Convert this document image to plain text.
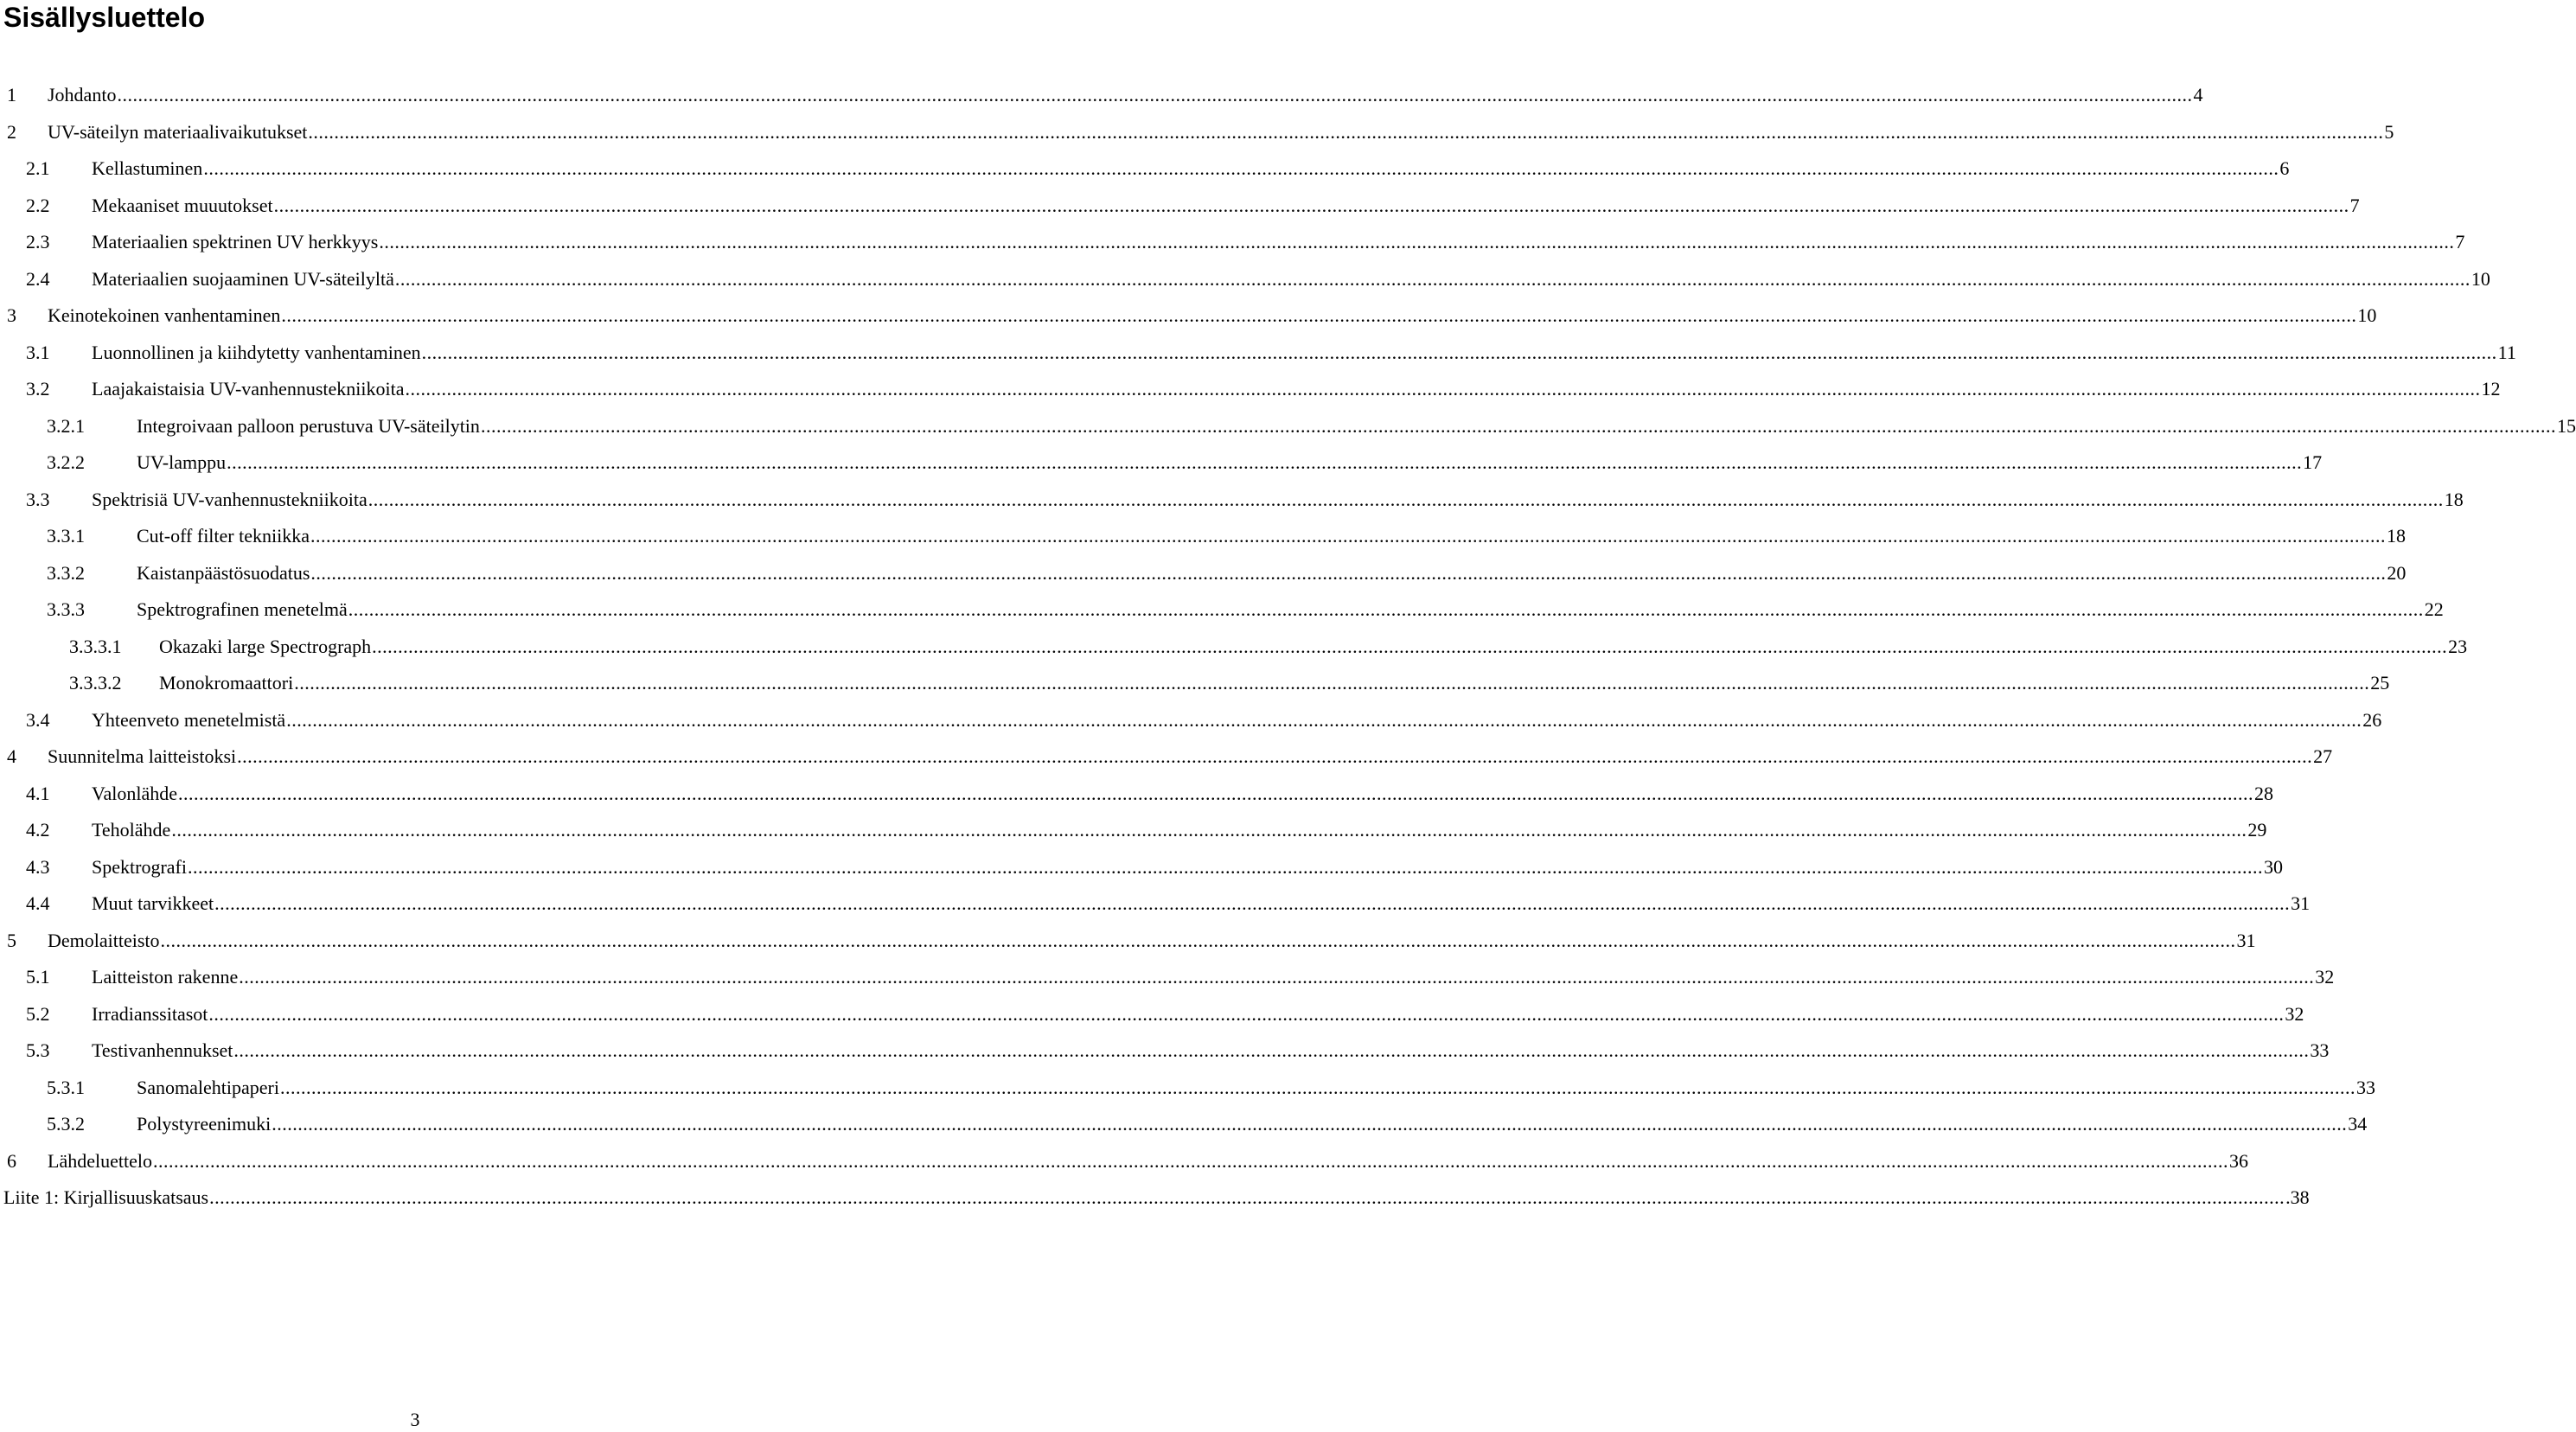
Sisällysluettelo
1	Johdanto ................................................................................................................................................................................................................................................................................................................................................................................................................ 4
2	UV-säteilyn materiaalivaikutukset ................................................................................................................................................................................................................................................................................................................................................................................................................ 5
2.1	Kellastuminen ................................................................................................................................................................................................................................................................................................................................................................................................................ 6
2.2	Mekaaniset muuutokset ................................................................................................................................................................................................................................................................................................................................................................................................................ 7
2.3	Materiaalien spektrinen UV herkkyys ................................................................................................................................................................................................................................................................................................................................................................................................................ 7
2.4	Materiaalien suojaaminen UV-säteilyltä ................................................................................................................................................................................................................................................................................................................................................................................................................ 10
3	Keinotekoinen vanhentaminen ................................................................................................................................................................................................................................................................................................................................................................................................................ 10
3.1	Luonnollinen ja kiihdytetty vanhentaminen ................................................................................................................................................................................................................................................................................................................................................................................................................ 11
3.2	Laajakaistaisia UV-vanhennustekniikoita ................................................................................................................................................................................................................................................................................................................................................................................................................ 12
3.2.1	Integroivaan palloon perustuva UV-säteilytin ................................................................................................................................................................................................................................................................................................................................................................................................................ 15
3.2.2	UV-lamppu ................................................................................................................................................................................................................................................................................................................................................................................................................ 17
3.3	Spektrisiä UV-vanhennustekniikoita ................................................................................................................................................................................................................................................................................................................................................................................................................ 18
3.3.1	Cut-off filter tekniikka ................................................................................................................................................................................................................................................................................................................................................................................................................ 18
3.3.2	Kaistanpäästösuodatus ................................................................................................................................................................................................................................................................................................................................................................................................................ 20
3.3.3	Spektrografinen menetelmä ................................................................................................................................................................................................................................................................................................................................................................................................................ 22
3.3.3.1	Okazaki large Spectrograph ................................................................................................................................................................................................................................................................................................................................................................................................................ 23
3.3.3.2	Monokromaattori ................................................................................................................................................................................................................................................................................................................................................................................................................ 25
3.4	Yhteenveto menetelmistä ................................................................................................................................................................................................................................................................................................................................................................................................................ 26
4	Suunnitelma laitteistoksi ................................................................................................................................................................................................................................................................................................................................................................................................................ 27
4.1	Valonlähde ................................................................................................................................................................................................................................................................................................................................................................................................................ 28
4.2	Teholähde ................................................................................................................................................................................................................................................................................................................................................................................................................ 29
4.3	Spektrografi ................................................................................................................................................................................................................................................................................................................................................................................................................ 30
4.4	Muut tarvikkeet ................................................................................................................................................................................................................................................................................................................................................................................................................ 31
5	Demolaitteisto ................................................................................................................................................................................................................................................................................................................................................................................................................ 31
5.1	Laitteiston rakenne ................................................................................................................................................................................................................................................................................................................................................................................................................ 32
5.2	Irradianssitasot ................................................................................................................................................................................................................................................................................................................................................................................................................ 32
5.3	Testivanhennukset ................................................................................................................................................................................................................................................................................................................................................................................................................ 33
5.3.1	Sanomalehtipaperi ................................................................................................................................................................................................................................................................................................................................................................................................................ 33
5.3.2	Polystyreenimuki ................................................................................................................................................................................................................................................................................................................................................................................................................ 34
6	Lähdeluettelo ................................................................................................................................................................................................................................................................................................................................................................................................................ 36
Liite 1: Kirjallisuuskatsaus ................................................................................................................................................................................................................................................................................................................................................................................................................ .38
3
